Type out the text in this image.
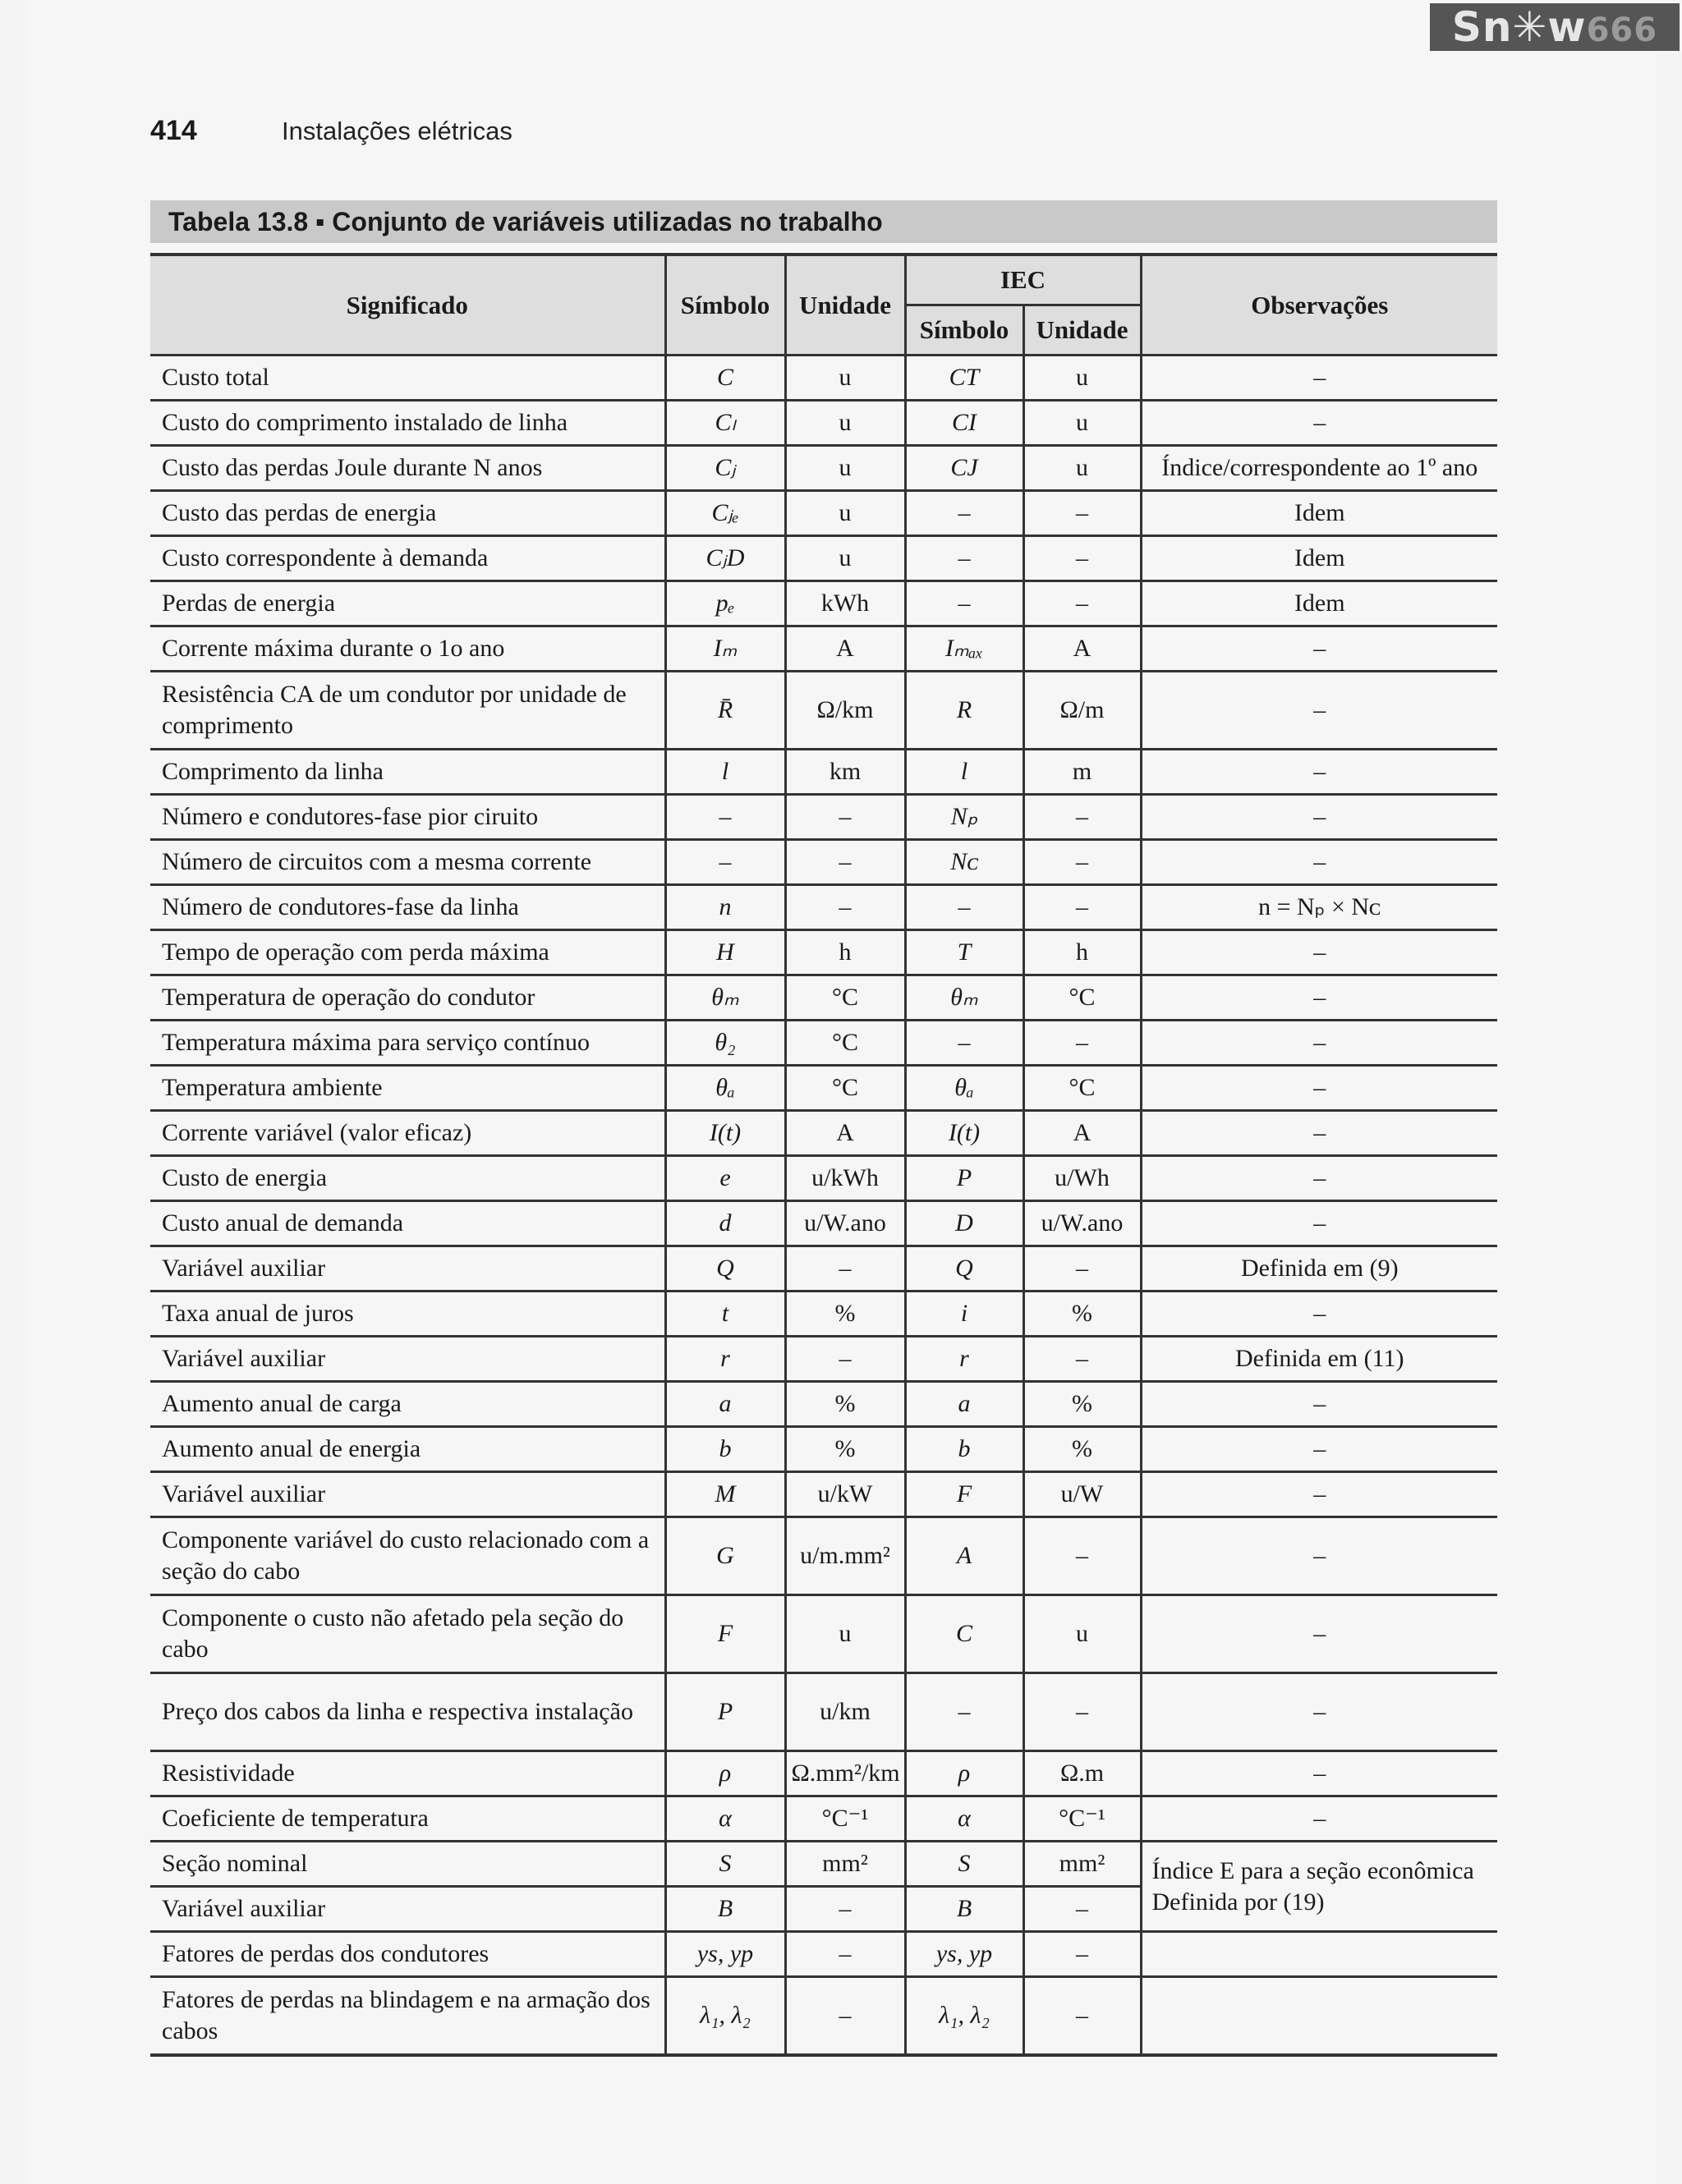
Sn✳w666
414	Instalações elétricas
Tabela 13.8 ▪ Conjunto de variáveis utilizadas no trabalho
Significado	Símbolo	Unidade	IEC		Observações
			Símbolo	Unidade	
Custo total	C	u	CT	u	–
Custo do comprimento instalado de linha	Cₗ	u	CI	u	–
Custo das perdas Joule durante N anos	Cⱼ	u	CJ	u	Índice/correspondente ao 1º ano
Custo das perdas de energia	Cⱼₑ	u	–	–	Idem
Custo correspondente à demanda	CⱼD	u	–	–	Idem
Perdas de energia	pₑ	kWh	–	–	Idem
Corrente máxima durante o 1o ano	Iₘ	A	Iₘₐₓ	A	–
Resistência CA de um condutor por unidade de comprimento	R̄	Ω/km	R	Ω/m	–
Comprimento da linha	l	km	l	m	–
Número e condutores-fase pior ciruito	–	–	Nₚ	–	–
Número de circuitos com a mesma corrente	–	–	Nᴄ	–	–
Número de condutores-fase da linha	n	–	–	–	n = Nₚ × Nᴄ
Tempo de operação com perda máxima	H	h	T	h	–
Temperatura de operação do condutor	θₘ	°C	θₘ	°C	–
Temperatura máxima para serviço contínuo	θ₂	°C	–	–	–
Temperatura ambiente	θₐ	°C	θₐ	°C	–
Corrente variável (valor eficaz)	I(t)	A	I(t)	A	–
Custo de energia	e	u/kWh	P	u/Wh	–
Custo anual de demanda	d	u/W.ano	D	u/W.ano	–
Variável auxiliar	Q	–	Q	–	Definida em (9)
Taxa anual de juros	t	%	i	%	–
Variável auxiliar	r	–	r	–	Definida em (11)
Aumento anual de carga	a	%	a	%	–
Aumento anual de energia	b	%	b	%	–
Variável auxiliar	M	u/kW	F	u/W	–
Componente variável do custo relacionado com a seção do cabo	G	u/m.mm²	A	–	–
Componente o custo não afetado pela seção do cabo	F	u	C	u	–
Preço dos cabos da linha e respectiva instalação	P	u/km	–	–	–
Resistividade	ρ	Ω.mm²/km	ρ	Ω.m	–
Coeficiente de temperatura	α	°C⁻¹	α	°C⁻¹	–
Seção nominal	S	mm²	S	mm²	Índice E para a seção econômica Definida por (19)
Variável auxiliar	B	–	B	–	
Fatores de perdas dos condutores	ys, yp	–	ys, yp	–	
Fatores de perdas na blindagem e na armação dos cabos	λ₁, λ₂	–	λ₁, λ₂	–	
